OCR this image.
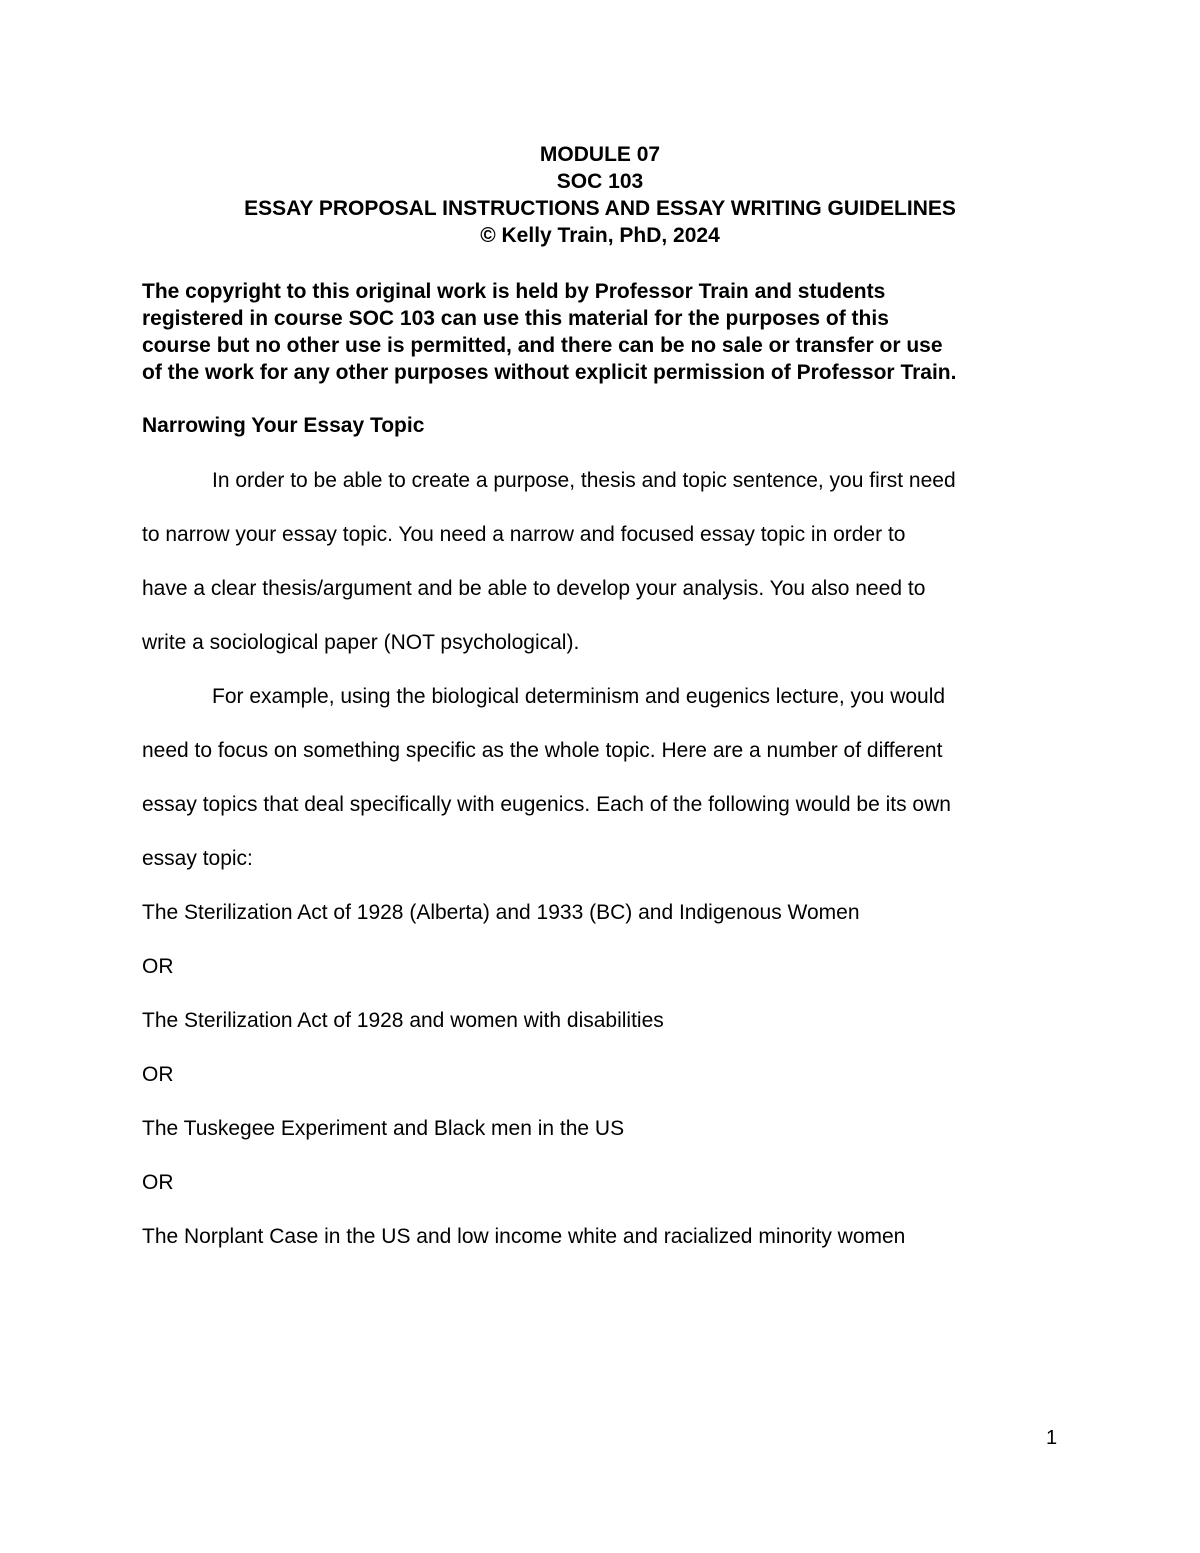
MODULE 07
SOC 103
ESSAY PROPOSAL INSTRUCTIONS AND ESSAY WRITING GUIDELINES
© Kelly Train, PhD, 2024
The copyright to this original work is held by Professor Train and students
registered in course SOC 103 can use this material for the purposes of this
course but no other use is permitted, and there can be no sale or transfer or use
of the work for any other purposes without explicit permission of Professor Train.
Narrowing Your Essay Topic
In order to be able to create a purpose, thesis and topic sentence, you first need
to narrow your essay topic. You need a narrow and focused essay topic in order to
have a clear thesis/argument and be able to develop your analysis. You also need to
write a sociological paper (NOT psychological).
For example, using the biological determinism and eugenics lecture, you would
need to focus on something specific as the whole topic. Here are a number of different
essay topics that deal specifically with eugenics. Each of the following would be its own
essay topic:
The Sterilization Act of 1928 (Alberta) and 1933 (BC) and Indigenous Women
OR
The Sterilization Act of 1928 and women with disabilities
OR
The Tuskegee Experiment and Black men in the US
OR
The Norplant Case in the US and low income white and racialized minority women
1
